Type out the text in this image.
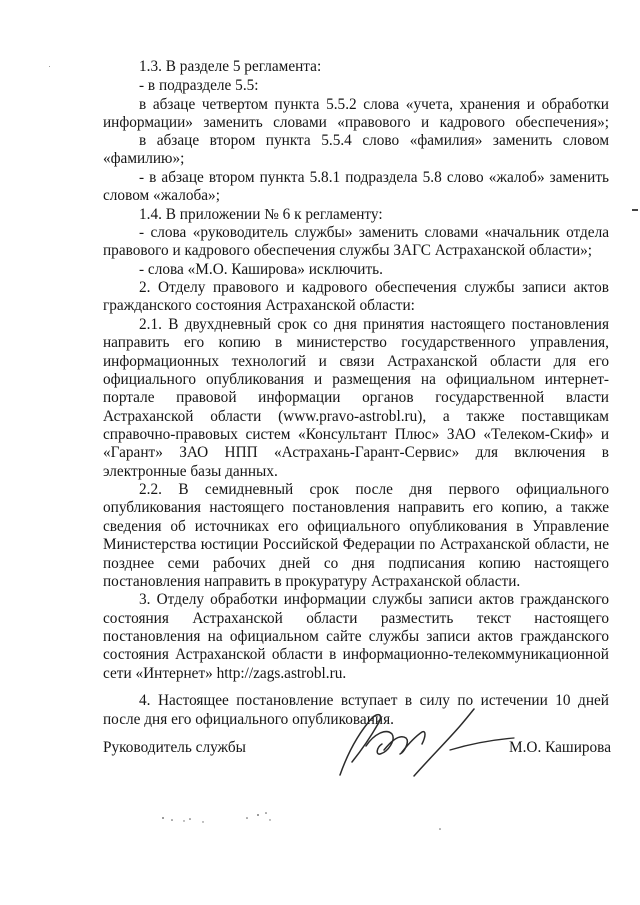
1.3. В разделе 5 регламента:
- в подразделе 5.5:
в абзаце четвертом пункта 5.5.2 слова «учета, хранения и обработки
информации» заменить словами «правового и кадрового обеспечения»;
в абзаце втором пункта 5.5.4 слово «фамилия» заменить словом
«фамилию»;
- в абзаце втором пункта 5.8.1 подраздела 5.8 слово «жалоб» заменить
словом «жалоба»;
1.4. В приложении № 6 к регламенту:
- слова «руководитель службы» заменить словами «начальник отдела
правового и кадрового обеспечения службы ЗАГС Астраханской области»;
- слова «М.О. Каширова» исключить.
2. Отделу правового и кадрового обеспечения службы записи актов
гражданского состояния Астраханской области:
2.1. В двухдневный срок со дня принятия настоящего постановления
направить его копию в министерство государственного управления,
информационных технологий и связи Астраханской области для его
официального опубликования и размещения на официальном интернет-
портале правовой информации органов государственной власти
Астраханской области (www.pravo-astrobl.ru), а также поставщикам
справочно-правовых систем «Консультант Плюс» ЗАО «Телеком-Скиф» и
«Гарант» ЗАО НПП «Астрахань-Гарант-Сервис» для включения в
электронные базы данных.
2.2. В семидневный срок после дня первого официального
опубликования настоящего постановления направить его копию, а также
сведения об источниках его официального опубликования в Управление
Министерства юстиции Российской Федерации по Астраханской области, не
позднее семи рабочих дней со дня подписания копию настоящего
постановления направить в прокуратуру Астраханской области.
3. Отделу обработки информации службы записи актов гражданского
состояния Астраханской области разместить текст настоящего
постановления на официальном сайте службы записи актов гражданского
состояния Астраханской области в информационно-телекоммуникационной
сети «Интернет» http://zags.astrobl.ru.
4. Настоящее постановление вступает в силу по истечении 10 дней
после дня его официального опубликования.
Руководитель службы	М.О. Каширова
